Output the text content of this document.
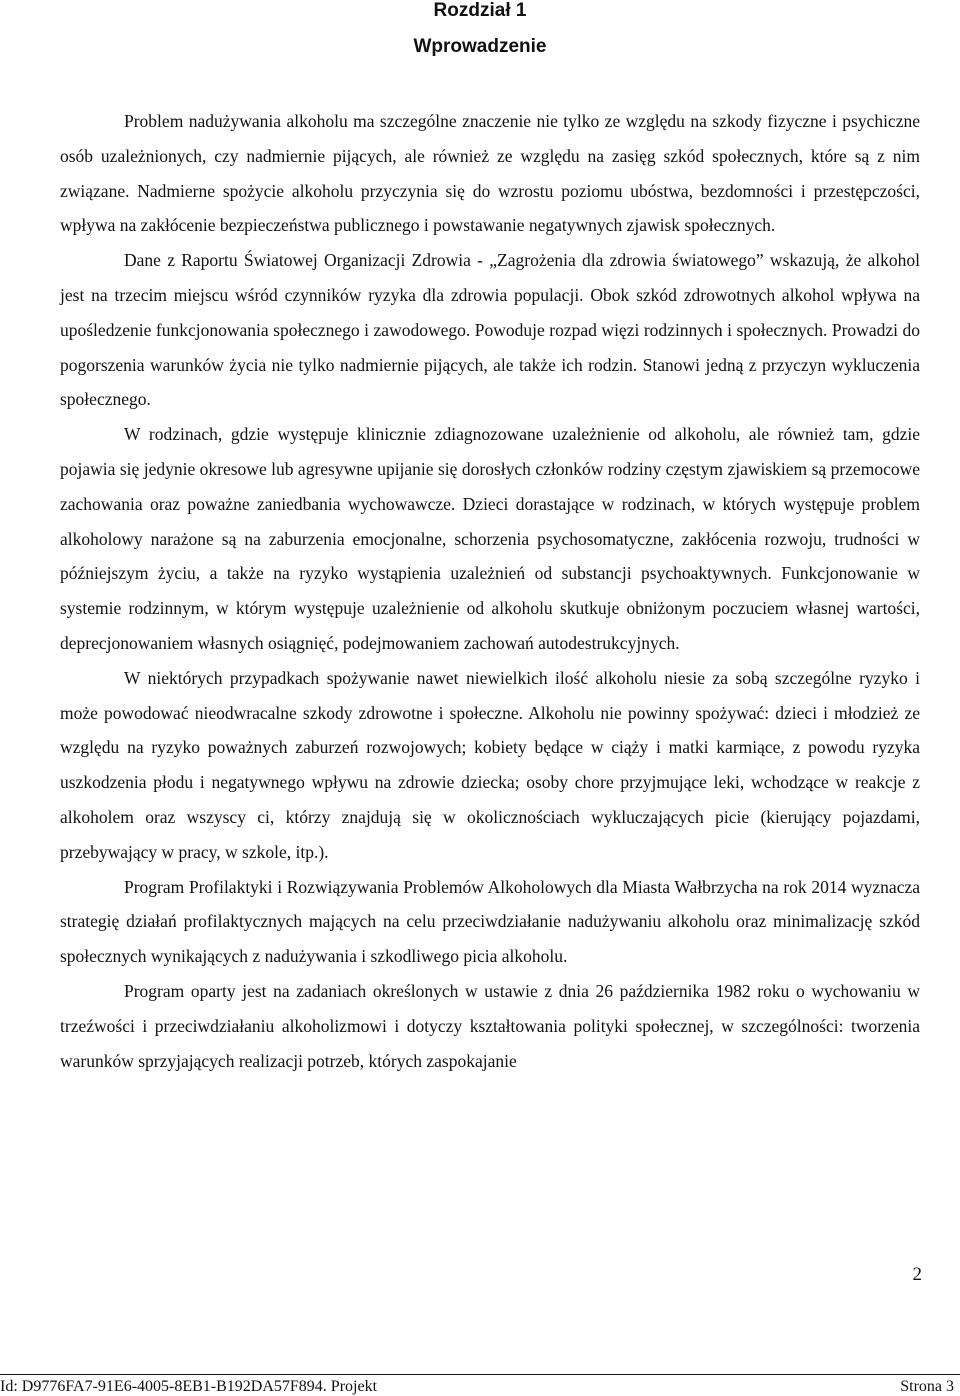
Rozdział 1
Wprowadzenie

Problem nadużywania alkoholu ma szczególne znaczenie nie tylko ze względu na szkody fizyczne i psychiczne osób uzależnionych, czy nadmiernie pijących, ale również ze względu na zasięg szkód społecznych, które są z nim związane. Nadmierne spożycie alkoholu przyczynia się do wzrostu poziomu ubóstwa, bezdomności i przestępczości, wpływa na zakłócenie bezpieczeństwa publicznego i powstawanie negatywnych zjawisk społecznych.

Dane z Raportu Światowej Organizacji Zdrowia - „Zagrożenia dla zdrowia światowego” wskazują, że alkohol jest na trzecim miejscu wśród czynników ryzyka dla zdrowia populacji. Obok szkód zdrowotnych alkohol wpływa na upośledzenie funkcjonowania społecznego i zawodowego. Powoduje rozpad więzi rodzinnych i społecznych. Prowadzi do pogorszenia warunków życia nie tylko nadmiernie pijących, ale także ich rodzin. Stanowi jedną z przyczyn wykluczenia społecznego.

W rodzinach, gdzie występuje klinicznie zdiagnozowane uzależnienie od alkoholu, ale również tam, gdzie pojawia się jedynie okresowe lub agresywne upijanie się dorosłych członków rodziny częstym zjawiskiem są przemocowe zachowania oraz poważne zaniedbania wychowawcze. Dzieci dorastające w rodzinach, w których występuje problem alkoholowy narażone są na zaburzenia emocjonalne, schorzenia psychosomatyczne, zakłócenia rozwoju, trudności w późniejszym życiu, a także na ryzyko wystąpienia uzależnień od substancji psychoaktywnych. Funkcjonowanie w systemie rodzinnym, w którym występuje uzależnienie od alkoholu skutkuje obniżonym poczuciem własnej wartości, deprecjonowaniem własnych osiągnięć, podejmowaniem zachowań autodestrukcyjnych.

W niektórych przypadkach spożywanie nawet niewielkich ilość alkoholu niesie za sobą szczególne ryzyko i może powodować nieodwracalne szkody zdrowotne i społeczne. Alkoholu nie powinny spożywać: dzieci i młodzież ze względu na ryzyko poważnych zaburzeń rozwojowych; kobiety będące w ciąży i matki karmiące, z powodu ryzyka uszkodzenia płodu i negatywnego wpływu na zdrowie dziecka; osoby chore przyjmujące leki, wchodzące w reakcje z alkoholem oraz wszyscy ci, którzy znajdują się w okolicznościach wykluczających picie (kierujący pojazdami, przebywający w pracy, w szkole, itp.).

Program Profilaktyki i Rozwiązywania Problemów Alkoholowych dla Miasta Wałbrzycha na rok 2014 wyznacza strategię działań profilaktycznych mających na celu przeciwdziałanie nadużywaniu alkoholu oraz minimalizację szkód społecznych wynikających z nadużywania i szkodliwego picia alkoholu.

Program oparty jest na zadaniach określonych w ustawie z dnia 26 października 1982 roku o wychowaniu w trzeźwości i przeciwdziałaniu alkoholizmowi i dotyczy kształtowania polityki społecznej, w szczególności: tworzenia warunków sprzyjających realizacji potrzeb, których zaspokajanie

2
Id: D9776FA7-91E6-4005-8EB1-B192DA57F894. Projekt	Strona 3
